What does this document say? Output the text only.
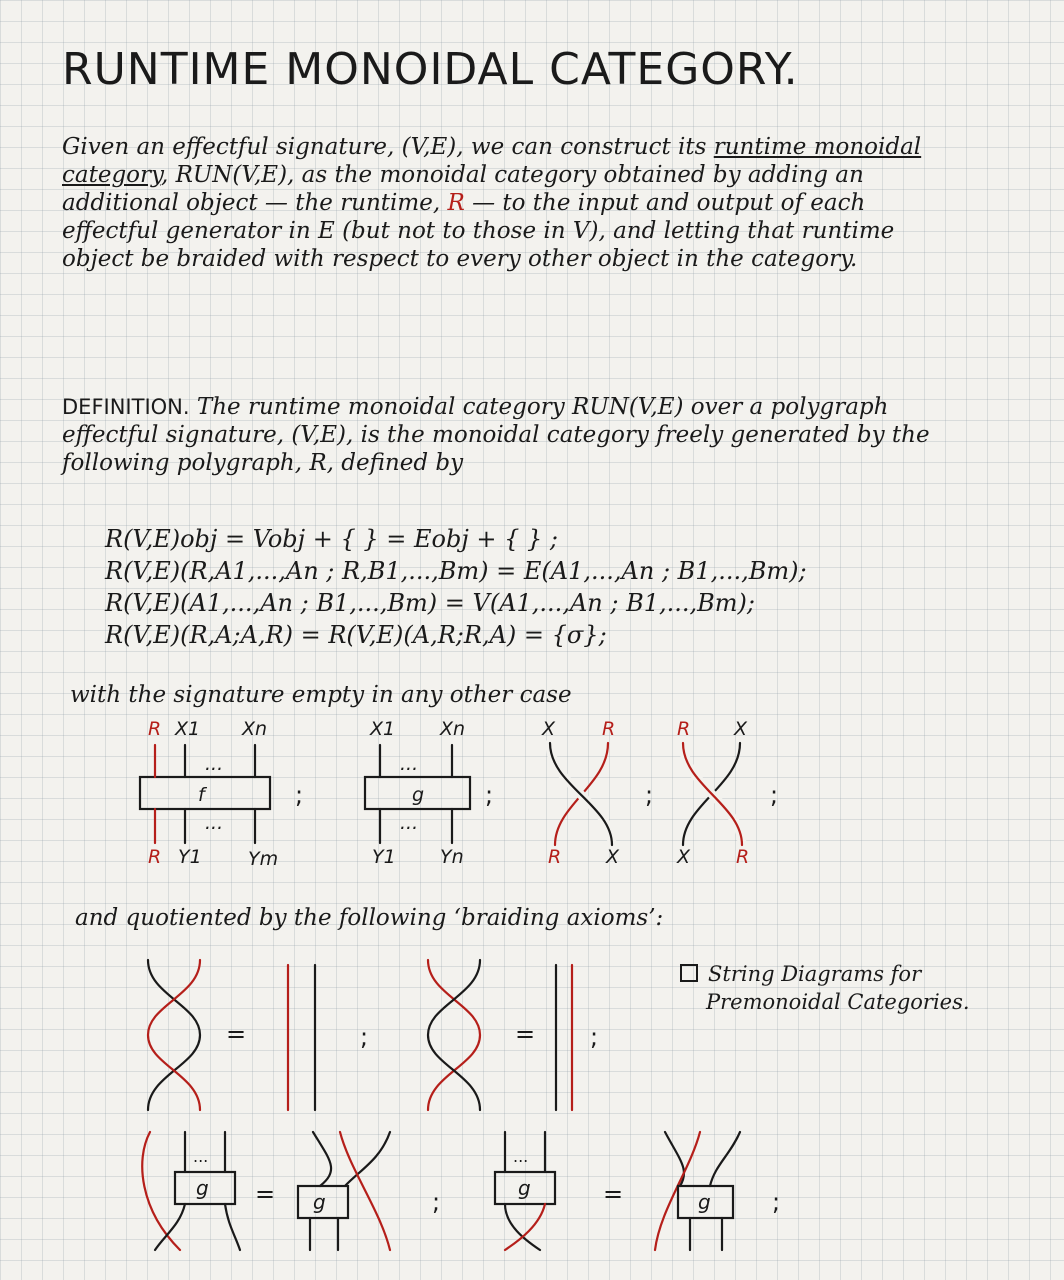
RUNTIME MONOIDAL CATEGORY.
Given an effectful signature, (V,E), we can construct its runtime monoidal category, RUN(V,E), as the monoidal category obtained by adding an additional object — the runtime, R — to the input and output of each effectful generator in E (but not to those in V), and letting that runtime object be braided with respect to every other object in the category.
DEFINITION. The runtime monoidal category RUN(V,E) over a polygraph effectful signature, (V,E), is the monoidal category freely generated by the following polygraph, R, defined by
R(V,E)obj = Vobj + { } = Eobj + { } ;
R(V,E)(R,A1,...,An ; R,B1,...,Bm) = E(A1,...,An ; B1,...,Bm);
R(V,E)(A1,...,An ; B1,...,Bm) = V(A1,...,An ; B1,...,Bm);
R(V,E)(R,A;A,R) = R(V,E)(A,R;R,A) = {σ};
with the signature empty in any other case
R X1 Xn
...
f
...
R Y1 Ym
;
X1 Xn
...
g
...
Y1 Yn
;
X R
R X
;
R X
X R
;
and quotiented by the following ‘braiding axioms’:
String Diagrams for
Premonoidal Categories.
=	;	= ;
g
...
= g	;	g
...
=	g	;
